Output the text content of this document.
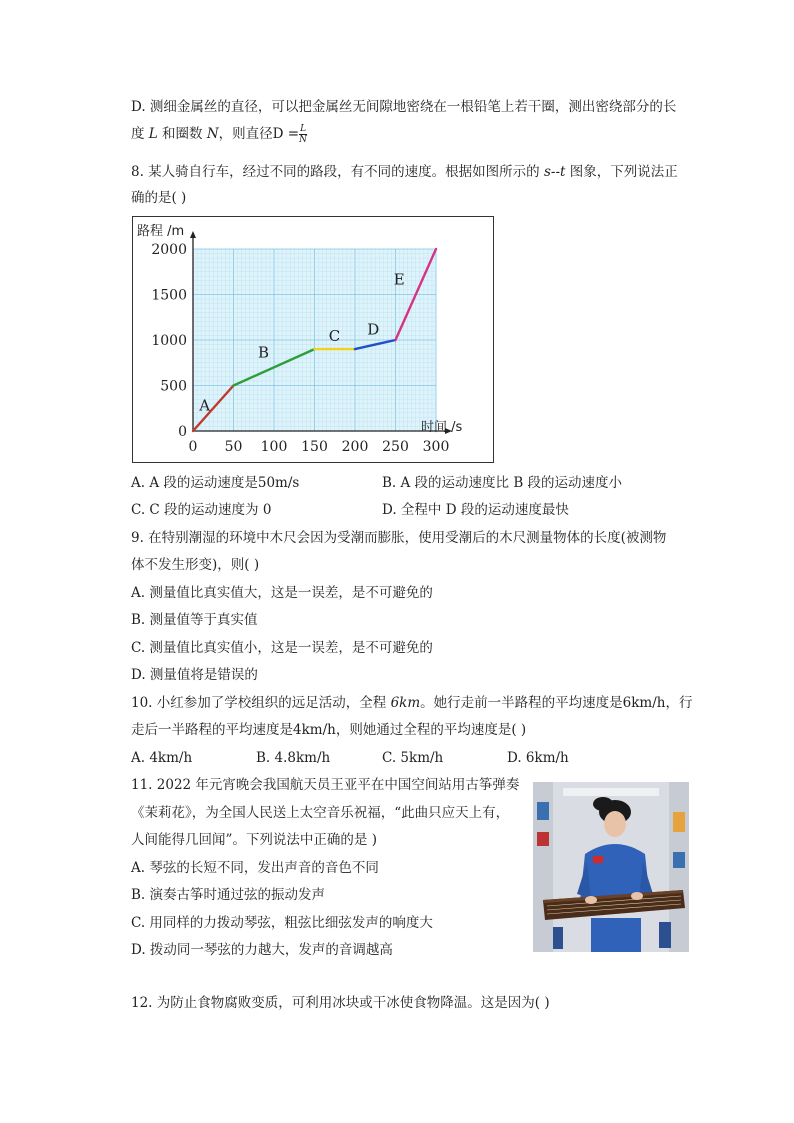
D. 测细金属丝的直径，可以把金属丝无间隙地密绕在一根铅笔上若干圈，测出密绕部分的长
度 L 和圈数 N，则直径$D = \frac{L}{N}$
8. 某人骑自行车，经过不同的路段，有不同的速度。根据如图所示的 s--t 图象，下列说法正
确的是( )
0 50 100 150 200 250 300
0
500
1000
1500
2000
路程 /m
时间 /s
A
B
C D
E
A. A 段的运动速度是50m/s	B. A 段的运动速度比 B 段的运动速度小
C. C 段的运动速度为 0	D. 全程中 D 段的运动速度最快
9. 在特别潮湿的环境中木尺会因为受潮而膨胀，使用受潮后的木尺测量物体的长度(被测物
体不发生形变)，则( )
A. 测量值比真实值大，这是一误差，是不可避免的
B. 测量值等于真实值
C. 测量值比真实值小，这是一误差，是不可避免的
D. 测量值将是错误的
10. 小红参加了学校组织的远足活动，全程 6km。她行走前一半路程的平均速度是6km/h，行
走后一半路程的平均速度是4km/h，则她通过全程的平均速度是( )
A. 4km/h	B. 4.8km/h	C. 5km/h	D. 6km/h
11. 2022 年元宵晚会我国航天员王亚平在中国空间站用古筝弹奏
《茉莉花》，为全国人民送上太空音乐祝福，“此曲只应天上有，
人间能得几回闻”。下列说法中正确的是 )
A. 琴弦的长短不同，发出声音的音色不同
B. 演奏古筝时通过弦的振动发声
C. 用同样的力拨动琴弦，粗弦比细弦发声的响度大
D. 拨动同一琴弦的力越大，发声的音调越高
12. 为防止食物腐败变质，可利用冰块或干冰使食物降温。这是因为( )
